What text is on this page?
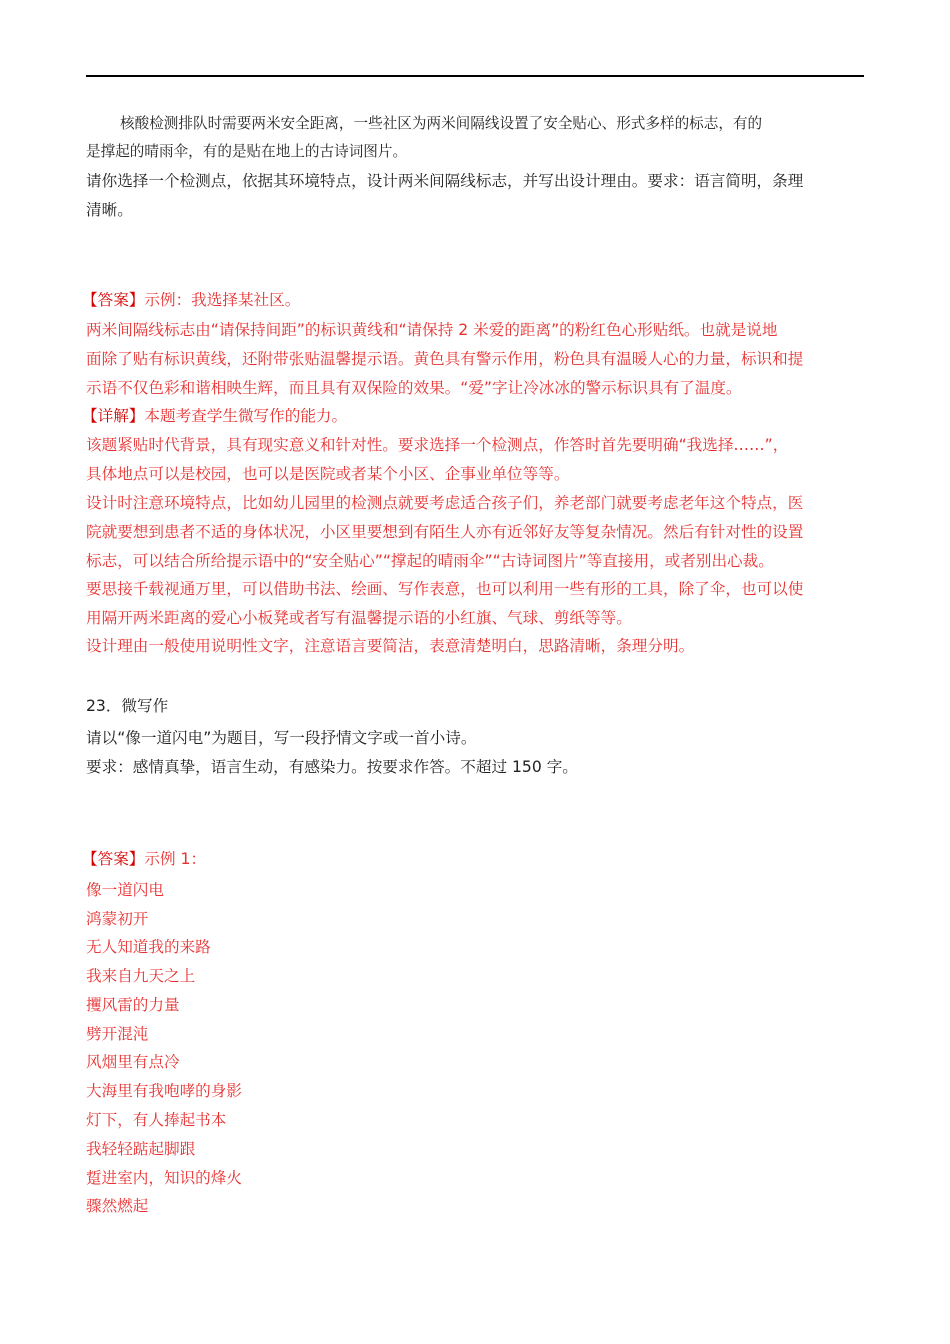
核酸检测排队时需要两米安全距离，一些社区为两米间隔线设置了安全贴心、形式多样的标志，有的
是撑起的晴雨伞，有的是贴在地上的古诗词图片。
请你选择一个检测点，依据其环境特点，设计两米间隔线标志，并写出设计理由。要求：语言简明，条理
清晰。
【答案】示例：我选择某社区。
两米间隔线标志由“请保持间距”的标识黄线和“请保持 2 米爱的距离”的粉红色心形贴纸。也就是说地
面除了贴有标识黄线，还附带张贴温馨提示语。黄色具有警示作用，粉色具有温暖人心的力量，标识和提
示语不仅色彩和谐相映生辉，而且具有双保险的效果。“爱”字让冷冰冰的警示标识具有了温度。
【详解】本题考查学生微写作的能力。
该题紧贴时代背景，具有现实意义和针对性。要求选择一个检测点，作答时首先要明确“我选择……”，
具体地点可以是校园，也可以是医院或者某个小区、企事业单位等等。
设计时注意环境特点，比如幼儿园里的检测点就要考虑适合孩子们，养老部门就要考虑老年这个特点，医
院就要想到患者不适的身体状况，小区里要想到有陌生人亦有近邻好友等复杂情况。然后有针对性的设置
标志，可以结合所给提示语中的“安全贴心”“撑起的晴雨伞”“古诗词图片”等直接用，或者别出心裁。
要思接千载视通万里，可以借助书法、绘画、写作表意，也可以利用一些有形的工具，除了伞，也可以使
用隔开两米距离的爱心小板凳或者写有温馨提示语的小红旗、气球、剪纸等等。
设计理由一般使用说明性文字，注意语言要简洁，表意清楚明白，思路清晰，条理分明。
23．微写作
请以“像一道闪电”为题目，写一段抒情文字或一首小诗。
要求：感情真挚，语言生动，有感染力。按要求作答。不超过 150 字。
【答案】示例 1：
像一道闪电
鸿蒙初开
无人知道我的来路
我来自九天之上
攫风雷的力量
劈开混沌
风烟里有点冷
大海里有我咆哮的身影
灯下，有人捧起书本
我轻轻踮起脚跟
踅进室内，知识的烽火
骤然燃起
